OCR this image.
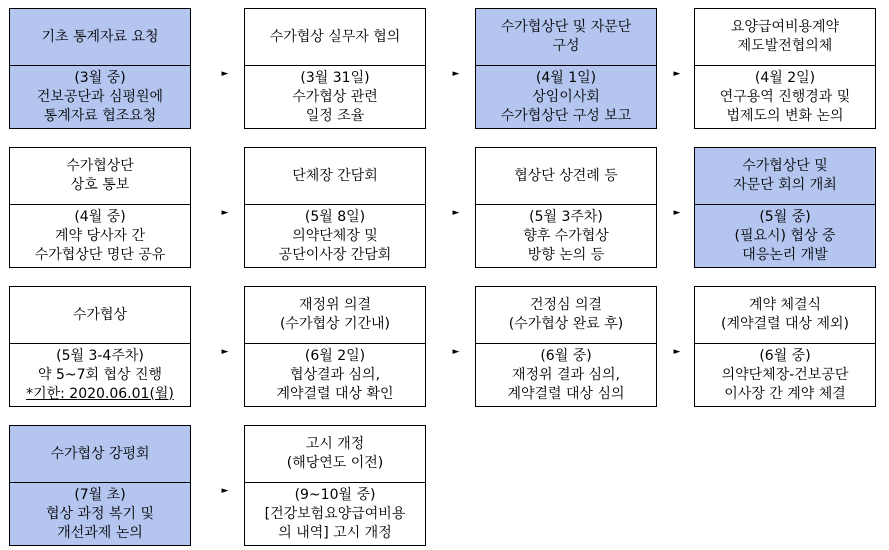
기초 통계자료 요청
(3월 중)
건보공단과 심평원에
통계자료 협조요청
►
수가협상 실무자 협의
(3월 31일)
수가협상 관련
일정 조율
►
수가협상단 및 자문단
구성
(4월 1일)
상임이사회
수가협상단 구성 보고
►
요양급여비용계약
제도발전협의체
(4월 2일)
연구용역 진행경과 및
법제도의 변화 논의
수가협상단
상호 통보
(4월 중)
계약 당사자 간
수가협상단 명단 공유
►
단체장 간담회
(5월 8일)
의약단체장 및
공단이사장 간담회
►
협상단 상견례 등
(5월 3주차)
향후 수가협상
방향 논의 등
►
수가협상단 및
자문단 회의 개최
(5월 중)
(필요시) 협상 중
대응논리 개발
수가협상
(5월 3-4주차)
약 5~7회 협상 진행
*기한: 2020.06.01(월)
►
재정위 의결
(수가협상 기간내)
(6월 2일)
협상결과 심의,
계약결렬 대상 확인
►
건정심 의결
(수가협상 완료 후)
(6월 중)
재정위 결과 심의,
계약결렬 대상 심의
►
계약 체결식
(계약결렬 대상 제외)
(6월 중)
의약단체장-건보공단
이사장 간 계약 체결
수가협상 강평회
(7월 초)
협상 과정 복기 및
개선과제 논의
►
고시 개정
(해당연도 이전)
(9~10월 중)
[건강보험요양급여비용
의 내역] 고시 개정
